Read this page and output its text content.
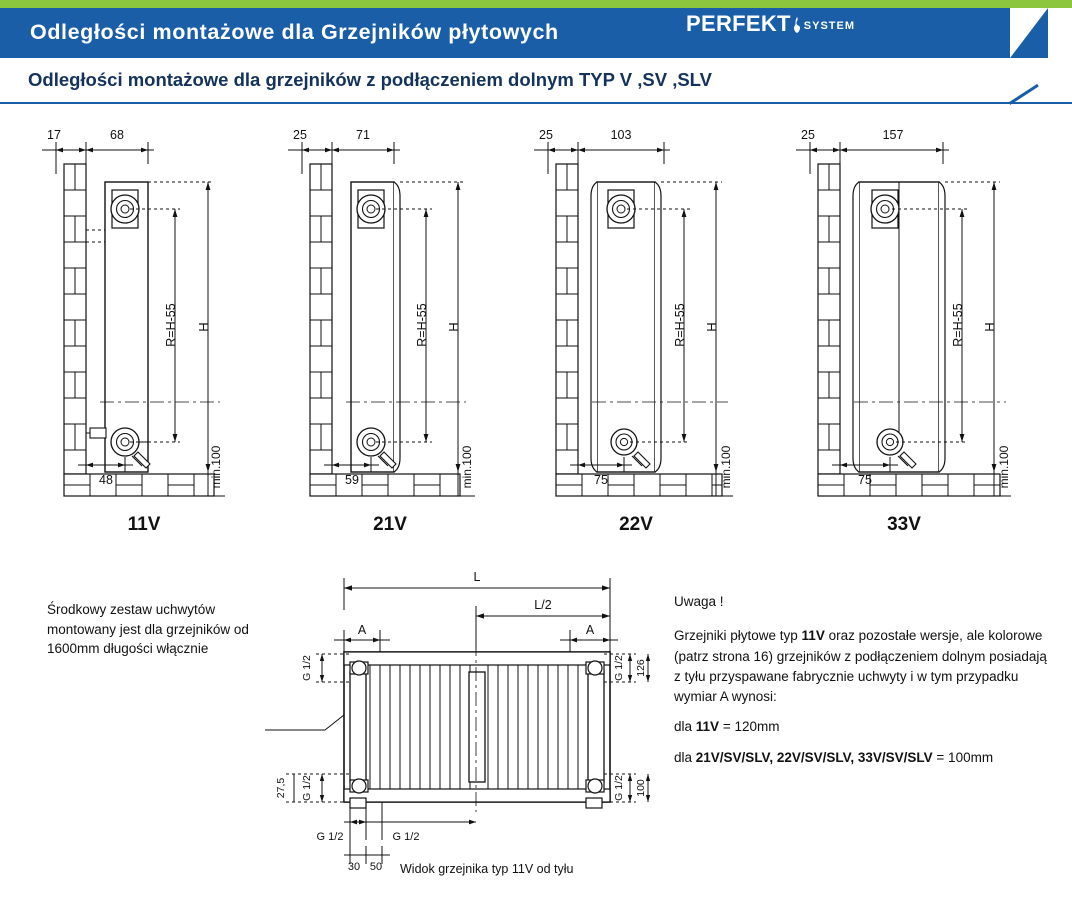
Odległości montażowe dla Grzejników płytowych	PERFEKT SYSTEM
Odległości montażowe dla grzejników z podłączeniem dolnym TYP V ,SV ,SLV
17	68
R=H-55 H
min.100
48
11V
25	71
R=H-55 H
min.100
59
21V
25	103
R=H-55 H
min.100
75
22V
25	157
R=H-55 H
min.100
75
33V
Środkowy zestaw uchwytów montowany jest dla grzejników od 1600mm długości włącznie
L
L/2
A	A
G 1/2
G 1/2
27,5
G 1/2
G 1/2
126
100
G 1/2	G 1/2
30 50 Widok grzejnika typ 11V od tyłu
Uwaga !

Grzejniki płytowe typ 11V oraz pozostałe wersje, ale kolorowe (patrz strona 16) grzejników z podłączeniem dolnym posiadają z tyłu przyspawane fabrycznie uchwyty i w tym przypadku wymiar A wynosi:

dla 11V = 120mm

dla 21V/SV/SLV, 22V/SV/SLV, 33V/SV/SLV = 100mm
